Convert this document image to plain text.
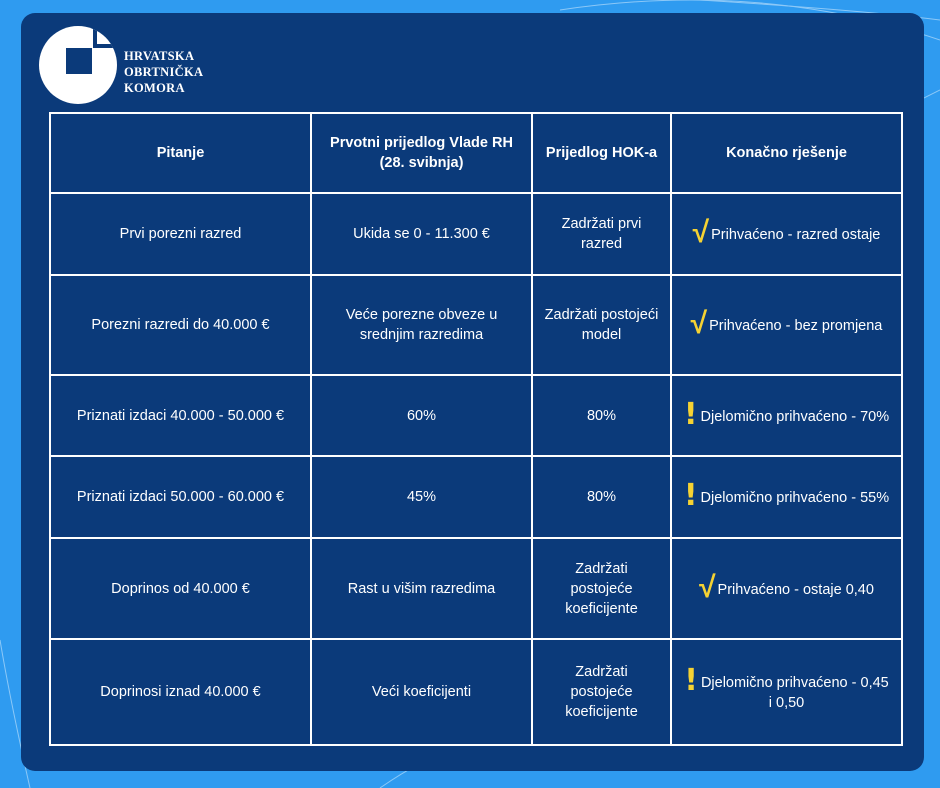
HRVATSKA
OBRTNIČKA
KOMORA
Pitanje	Prvotni prijedlog Vlade RH (28. svibnja)	Prijedlog HOK-a	Konačno rješenje
Prvi porezni razred	Ukida se 0 - 11.300 €	Zadržati prvi razred	√ Prihvaćeno - razred ostaje
Porezni razredi do 40.000 €	Veće porezne obveze u srednjim razredima	Zadržati postojeći model	√ Prihvaćeno - bez promjena
Priznati izdaci 40.000 - 50.000 €	60%	80%	! Djelomično prihvaćeno - 70%
Priznati izdaci 50.000 - 60.000 €	45%	80%	! Djelomično prihvaćeno - 55%
Doprinos od 40.000 €	Rast u višim razredima	Zadržati postojeće koeficijente	√ Prihvaćeno - ostaje 0,40
Doprinosi iznad 40.000 €	Veći koeficijenti	Zadržati postojeće koeficijente	! Djelomično prihvaćeno - 0,45 i 0,50
